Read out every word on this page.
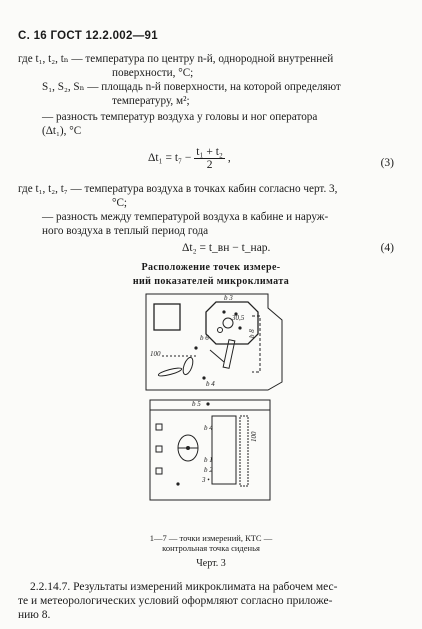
С. 16 ГОСТ 12.2.002—91
где t₁, t₂, tₙ — температура по центру n-й, однородной внутренней
поверхности, °С;
S₁, S₂, Sₙ — площадь n-й поверхности, на которой определяют
температуру, м²;
— разность температур воздуха у головы и ног оператора
(Δt₁), °С
$\Delta t_1 = t_7 - \frac{\text{t₁ + t₂}}{2}$ ,	(3)
где t₁, t₂, t₇ — температура воздуха в точках кабин согласно черт. 3,
°С;
— разность между температурой воздуха в кабине и наруж-
ного воздуха в теплый период года
Δt₂ = t_вн − t_нар.	(4)
Расположение точек измере-
ний показателей микроклимата
b 3
30,5
b 8
b 6
100
b 4
b 5
b 4
100
b 1
b 2
3 •
1—7 — точки измерений, КТС —
контрольная точка сиденья
Черт. 3
2.2.14.7. Результаты измерений микроклимата на рабочем мес-
те и метеорологических условий оформляют согласно приложе-
нию 8.
